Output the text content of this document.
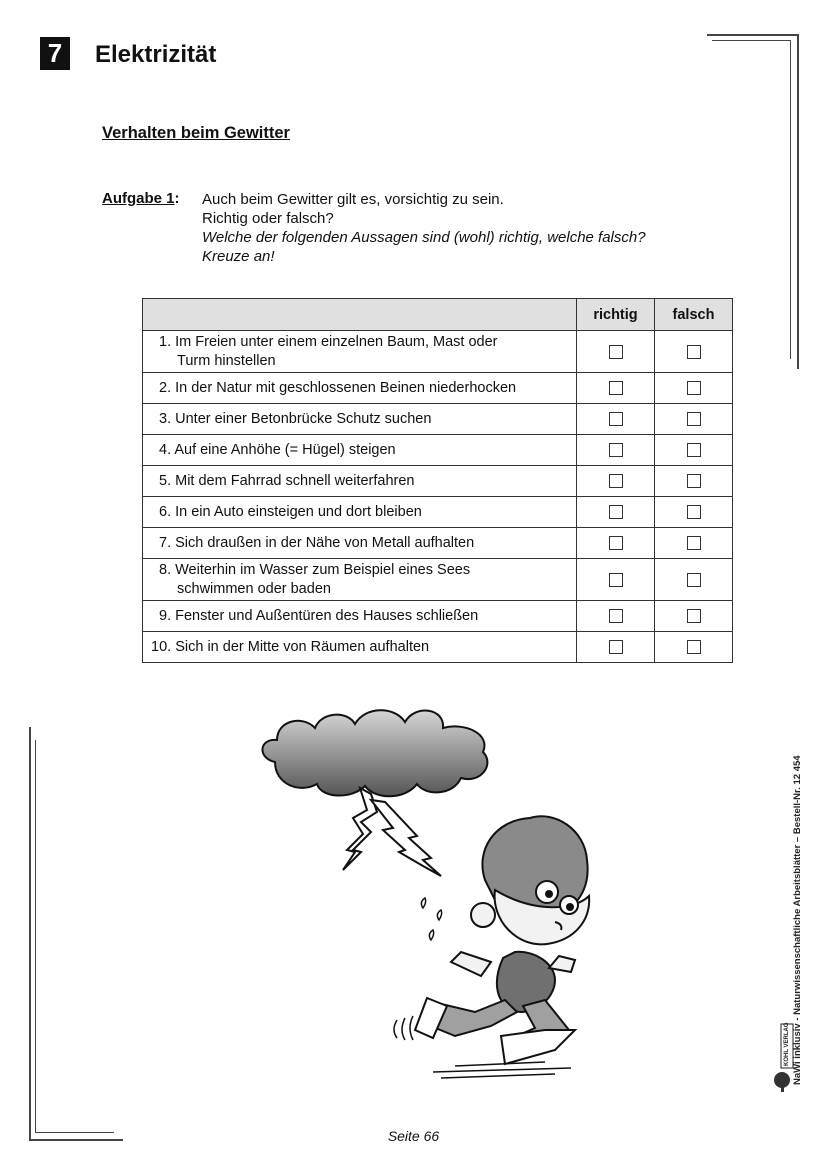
7	Elektrizität
Verhalten beim Gewitter
Aufgabe 1: Auch beim Gewitter gilt es, vorsichtig zu sein.
Richtig oder falsch?
Welche der folgenden Aussagen sind (wohl) richtig, welche falsch?
Kreuze an!
	richtig	falsch

1. Im Freien unter einem einzelnen Baum, Mast oder
Turm hinstellen		

2. In der Natur mit geschlossenen Beinen niederhocken		

3. Unter einer Betonbrücke Schutz suchen		

4. Auf eine Anhöhe (= Hügel) steigen		

5. Mit dem Fahrrad schnell weiterfahren		

6. In ein Auto einsteigen und dort bleiben		

7. Sich draußen in der Nähe von Metall aufhalten		

8. Weiterhin im Wasser zum Beispiel eines Sees
schwimmen oder baden		

9. Fenster und Außentüren des Hauses schließen		

10. Sich in der Mitte von Räumen aufhalten		

NaWi inklusiv - Naturwissenschaftliche Arbeitsblätter – Bestell-Nr. 12 454
KOHL VERLAG
Seite 66
